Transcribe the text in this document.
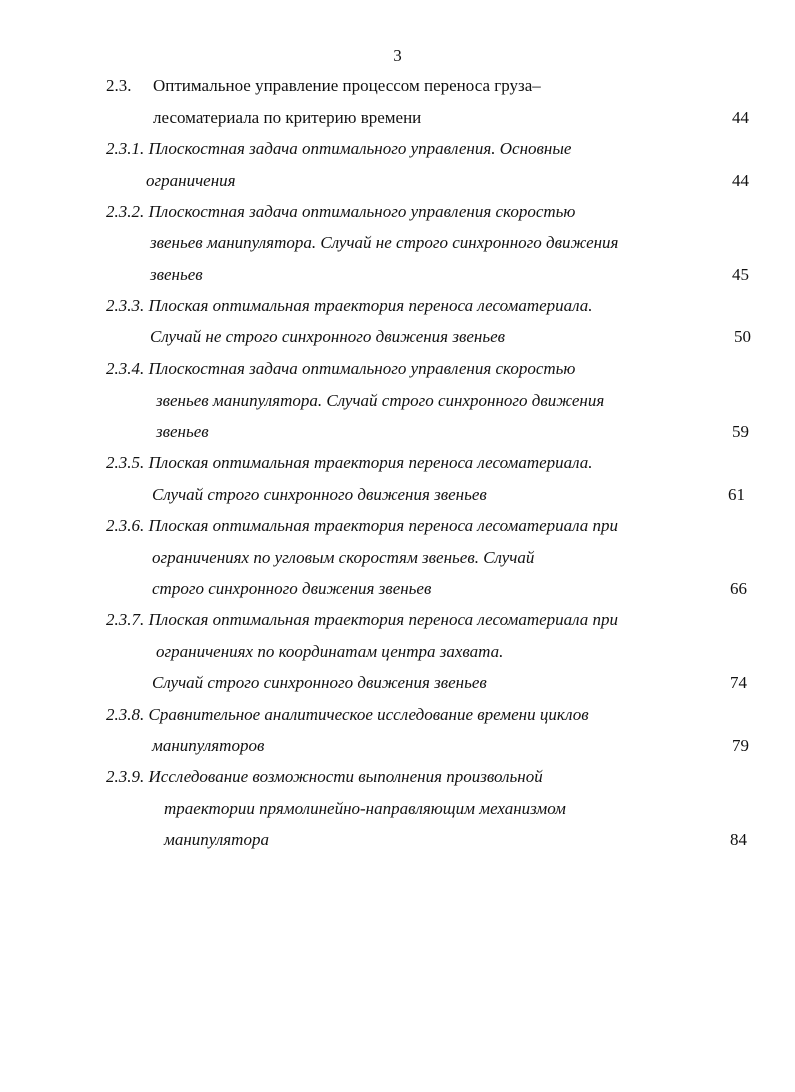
3
2.3. Оптимальное управление процессом переноса груза–
лесоматериала по критерию времени	44
2.3.1. Плоскостная задача оптимального управления. Основные
ограничения	44
2.3.2. Плоскостная задача оптимального управления скоростью
звеньев манипулятора. Случай не строго синхронного движения
звеньев	45
2.3.3. Плоская оптимальная траектория переноса лесоматериала.
Случай не строго синхронного движения звеньев	50
2.3.4. Плоскостная задача оптимального управления скоростью
звеньев манипулятора. Случай строго синхронного движения
звеньев	59
2.3.5. Плоская оптимальная траектория переноса лесоматериала.
Случай строго синхронного движения звеньев	61
2.3.6. Плоская оптимальная траектория переноса лесоматериала при
ограничениях по угловым скоростям звеньев. Случай
строго синхронного движения звеньев	66
2.3.7. Плоская оптимальная траектория переноса лесоматериала при
ограничениях по координатам центра захвата.
Случай строго синхронного движения звеньев	74
2.3.8. Сравнительное аналитическое исследование времени циклов
манипуляторов	79
2.3.9. Исследование возможности выполнения произвольной
траектории прямолинейно-направляющим механизмом
манипулятора	84
